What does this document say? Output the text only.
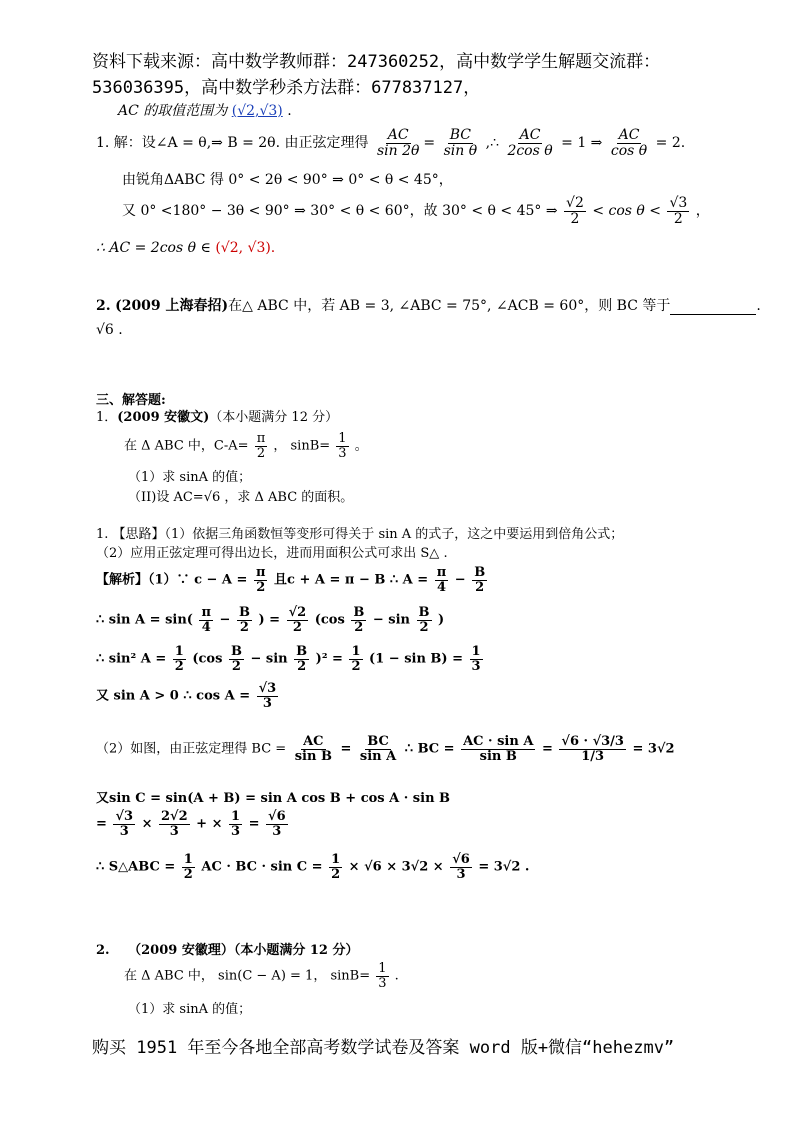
资料下载来源：高中数学教师群：247360252，高中数学学生解题交流群：
536036395，高中数学秒杀方法群：677837127，
AC 的取值范围为 (√2,√3) .
1. 解：设∠A = θ,⇒ B = 2θ. 由正弦定理得 $\frac{AC}{\sin 2\theta} = \frac{BC}{\text{sin θ}}$ ,∴ $\frac{AC}{\text{2cos θ}} = 1$ ⇒ $\frac{AC}{\text{cos θ}} = 2$.
由锐角ΔABC 得 0° < 2θ < 90° ⇒ 0° < θ < 45°，
又 0° <180° − 3θ < 90° ⇒ 30° < θ < 60°，故 30° < θ < 45° ⇒ $\frac{√2}{2} < \cos \theta < \frac{√3}{2}$ ，
∴ AC = 2cos θ ∈ (√2, √3).
2. (2009 上海春招)在△ ABC 中，若 AB = 3, ∠ABC = 75°, ∠ACB = 60°，则 BC 等于	.
√6 .
三、解答题:
1．(2009 安徽文)（本小题满分 12 分）
在 Δ ABC 中，$C-A= \frac{\pi}{2}$ ， $\sin B= \frac{1}{3}$ 。
（1）求 sinA 的值；
（II)设 AC=√6 ，求 Δ ABC 的面积。
1. 【思路】（1）依据三角函数恒等变形可得关于 sin A 的式子，这之中要运用到倍角公式；
（2）应用正弦定理可得出边长，进而用面积公式可求出 S△ .
【解析】（1）∵ $c - A = \frac{\pi}{2}$ 且c + A = π − B ∴ $A = \frac{\pi}{4} - \frac{B}{2}$
∴ $\sin A = \sin( \frac{\pi}{4} - \frac{B}{2}$ ) = $\frac{√2}{2} (\cos \frac{B}{2} - \sin \frac{B}{2}$ )
∴ sin² $A = \frac{1}{2} (\cos \frac{B}{2} - \sin \frac{B}{2} )^2 = \frac{1}{2} (1 - \sin B) = \frac{1}{3}$
又 sin A > 0 ∴ $\cos A = \frac{√3}{3}$
（2）如图，由正弦定理得 BC = $\frac{AC}{\text{sin B}} = \frac{BC}{\text{sin A}}$ ∴ BC = $\frac{\text{AC · sin A}}{\text{sin B}} = \frac{√6 \cdot √3/3}{1/3} = 3√2$
又sin C = sin(A + B) = sin A cos B + cos A · sin B
= $\frac{√3}{3} \times \frac{2√2}{3}$ + × $\frac{1}{3} = \frac{√6}{3}$
∴ S△ABC = $\frac{1}{2}$ AC · BC · $\sin C = \frac{1}{2} \times √6 \times 3√2 \times \frac{√6}{3} = 3√2$ .
2. （2009 安徽理）（本小题满分 12 分）
在 Δ ABC 中， sin(C − A) = 1， $\sin B= \frac{1}{3}$ .
（1）求 sinA 的值；
购买 1951 年至今各地全部高考数学试卷及答案 word 版+微信“hehezmv”
